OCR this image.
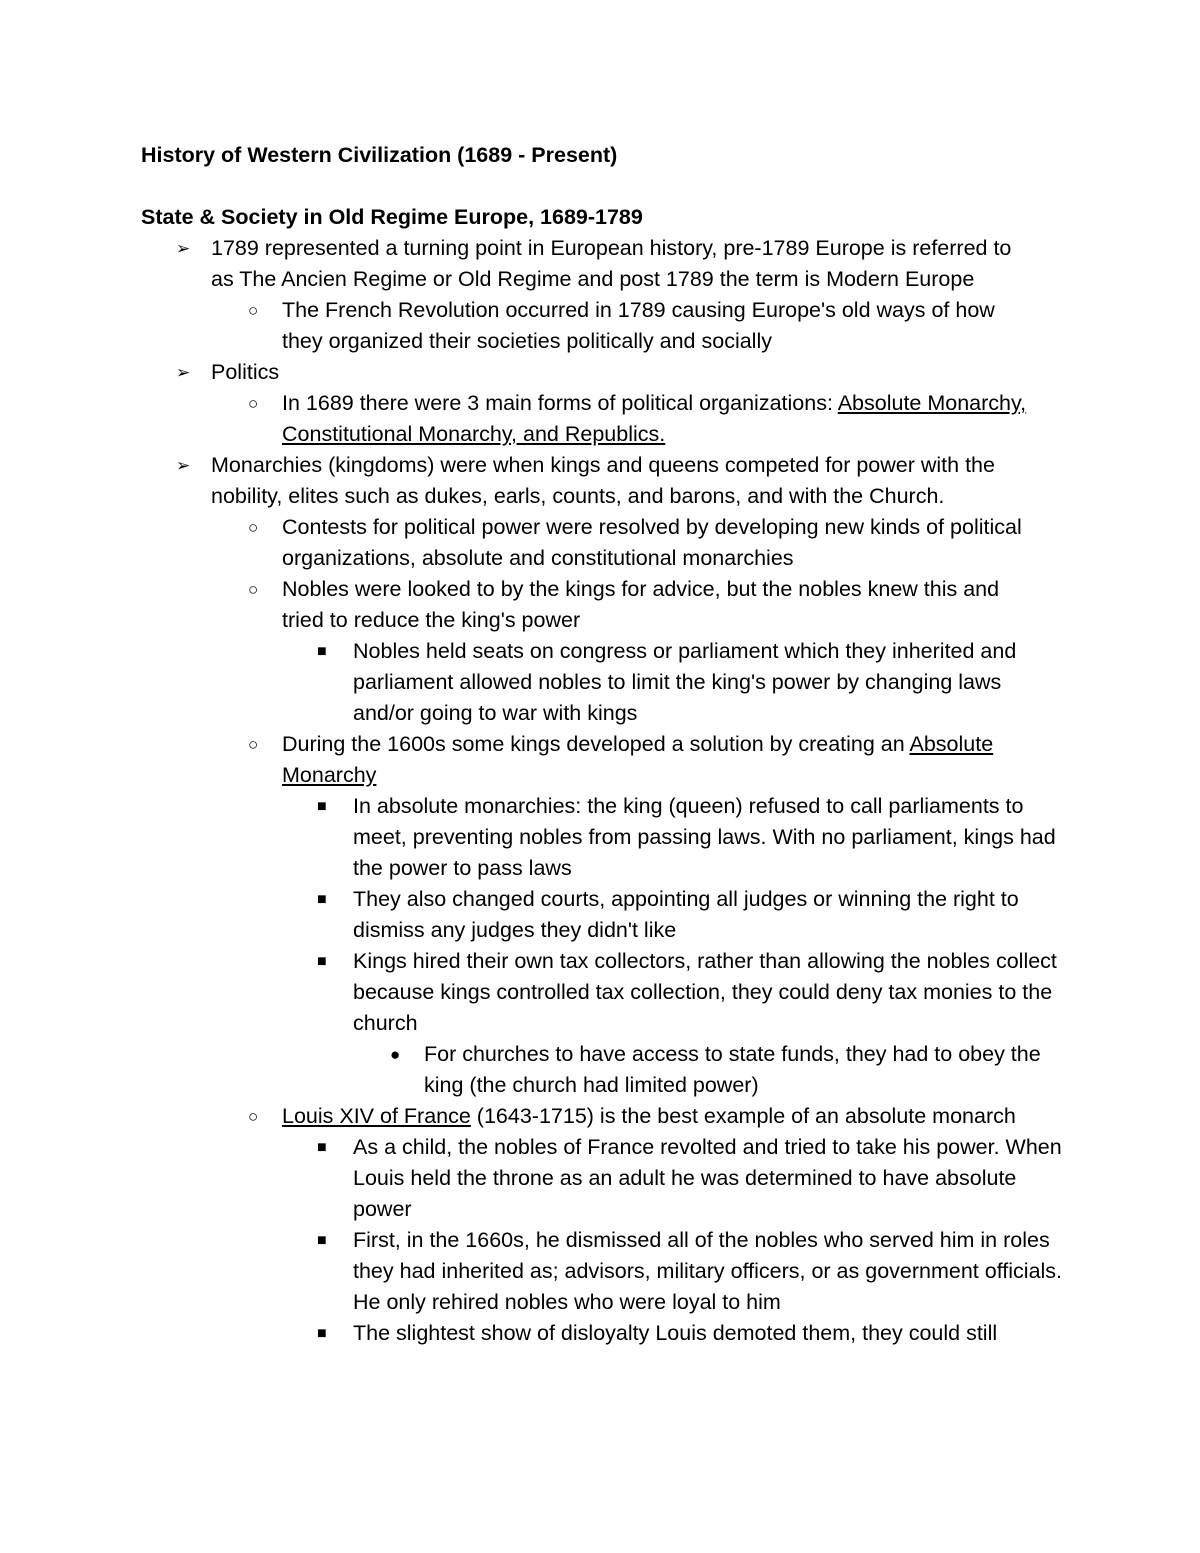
History of Western Civilization (1689 - Present)

State & Society in Old Regime Europe, 1689-1789

➢ 1789 represented a turning point in European history, pre-1789 Europe is referred to as The Ancien Regime or Old Regime and post 1789 the term is Modern Europe
○ The French Revolution occurred in 1789 causing Europe's old ways of how they organized their societies politically and socially
➢ Politics
○ In 1689 there were 3 main forms of political organizations: Absolute Monarchy, Constitutional Monarchy, and Republics.
➢ Monarchies (kingdoms) were when kings and queens competed for power with the nobility, elites such as dukes, earls, counts, and barons, and with the Church.
○ Contests for political power were resolved by developing new kinds of political organizations, absolute and constitutional monarchies
○ Nobles were looked to by the kings for advice, but the nobles knew this and tried to reduce the king's power
■ Nobles held seats on congress or parliament which they inherited and parliament allowed nobles to limit the king's power by changing laws and/or going to war with kings
○ During the 1600s some kings developed a solution by creating an Absolute Monarchy
■ In absolute monarchies: the king (queen) refused to call parliaments to meet, preventing nobles from passing laws. With no parliament, kings had the power to pass laws
■ They also changed courts, appointing all judges or winning the right to dismiss any judges they didn't like
■ Kings hired their own tax collectors, rather than allowing the nobles collect because kings controlled tax collection, they could deny tax monies to the church
● For churches to have access to state funds, they had to obey the king (the church had limited power)
○ Louis XIV of France (1643-1715) is the best example of an absolute monarch
■ As a child, the nobles of France revolted and tried to take his power. When Louis held the throne as an adult he was determined to have absolute power
■ First, in the 1660s, he dismissed all of the nobles who served him in roles they had inherited as; advisors, military officers, or as government officials. He only rehired nobles who were loyal to him
■ The slightest show of disloyalty Louis demoted them, they could still
